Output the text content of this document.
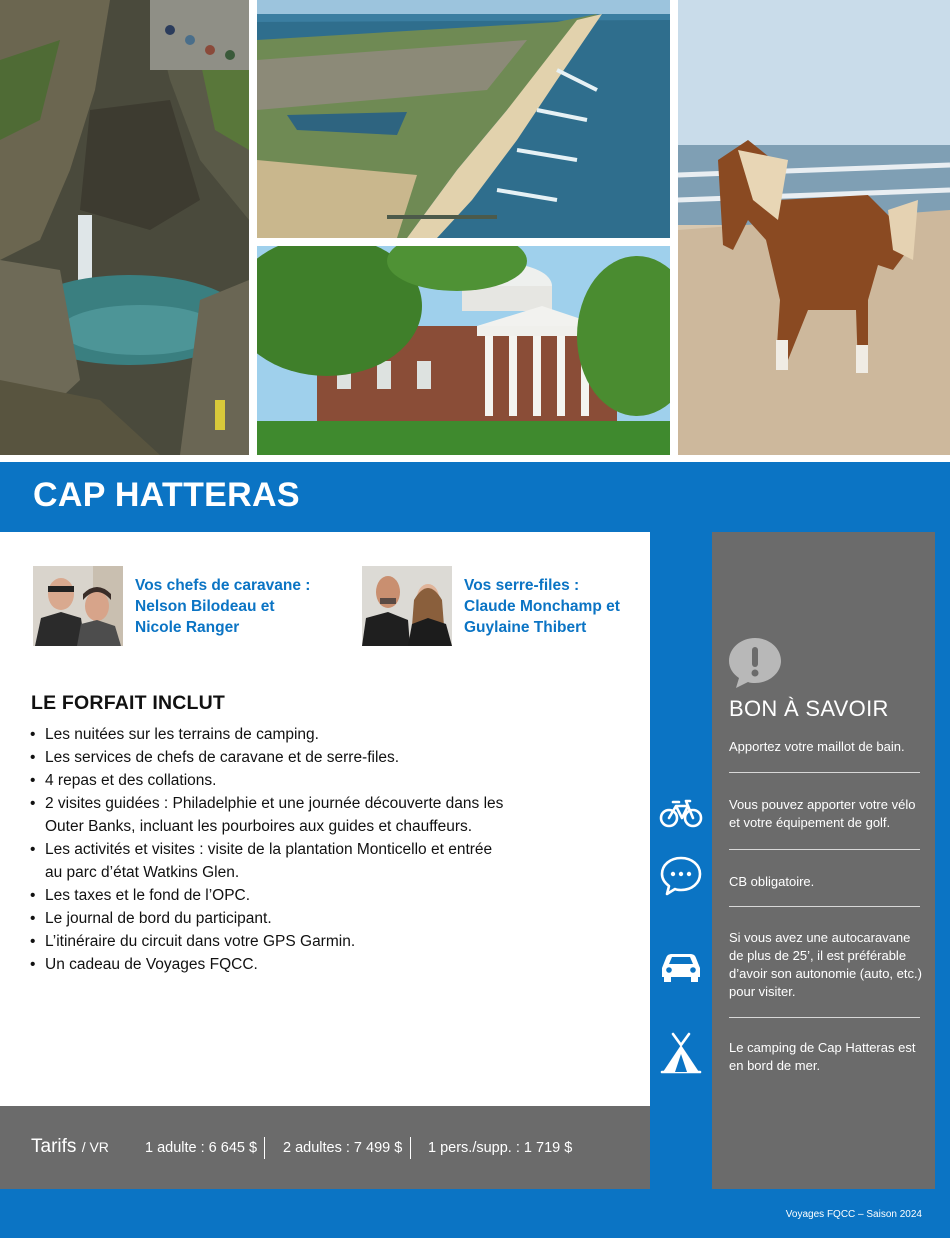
CAP HATTERAS
Vos chefs de caravane :
Nelson Bilodeau et
Nicole Ranger
Vos serre-files :
Claude Monchamp et
Guylaine Thibert
LE FORFAIT INCLUT
• Les nuitées sur les terrains de camping.
• Les services de chefs de caravane et de serre-files.
• 4 repas et des collations.
• 2 visites guidées : Philadelphie et une journée découverte dans les
Outer Banks, incluant les pourboires aux guides et chauffeurs.
• Les activités et visites : visite de la plantation Monticello et entrée
au parc d’état Watkins Glen.
• Les taxes et le fond de l’OPC.
• Le journal de bord du participant.
• L’itinéraire du circuit dans votre GPS Garmin.
• Un cadeau de Voyages FQCC.
Tarifs / VR 1 adulte : 6 645 $ 2 adultes : 7 499 $ 1 pers./supp. : 1 719 $
BON À SAVOIR
Apportez votre maillot de bain.
Vous pouvez apporter votre vélo
et votre équipement de golf.
CB obligatoire.
Si vous avez une autocaravane
de plus de 25’, il est préférable
d’avoir son autonomie (auto, etc.)
pour visiter.
Le camping de Cap Hatteras est
en bord de mer.
Voyages FQCC – Saison 2024
